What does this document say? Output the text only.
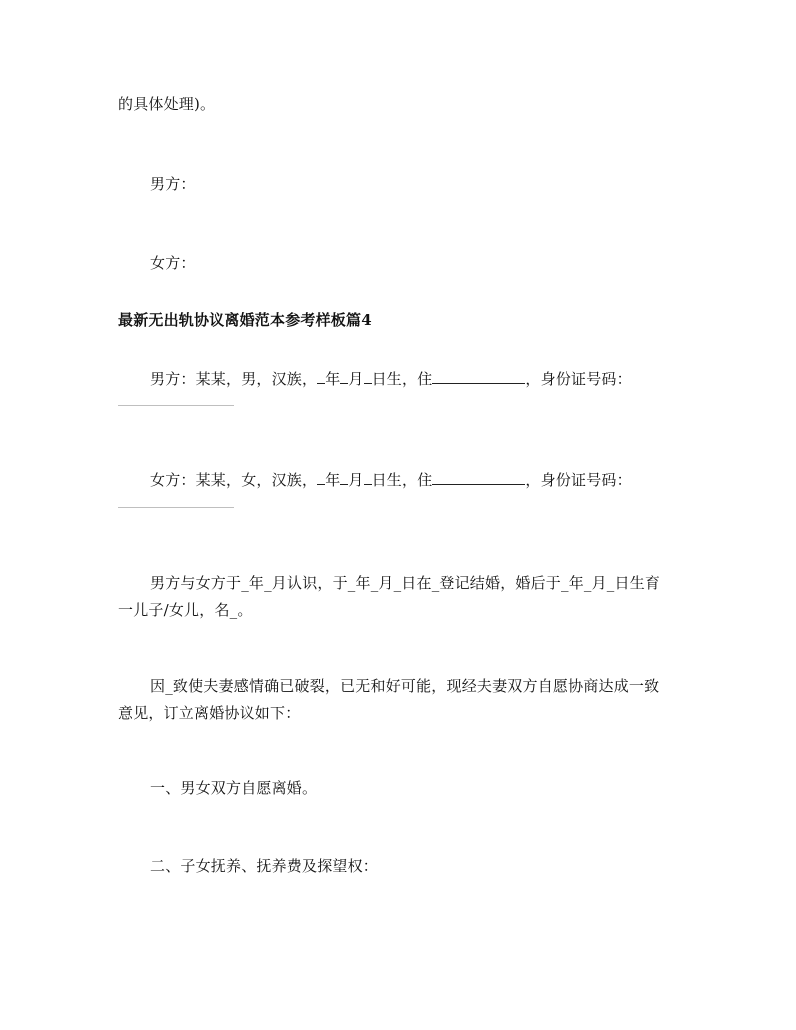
的具体处理)。
男方：
女方：
最新无出轨协议离婚范本参考样板篇4
男方：某某，男，汉族， 年 月 日生，住	，身份证号码：
女方：某某，女，汉族， 年 月 日生，住	，身份证号码：
男方与女方于_年_月认识，于_年_月_日在_登记结婚，婚后于_年_月_日生育
一儿子/女儿，名_。
因_致使夫妻感情确已破裂，已无和好可能，现经夫妻双方自愿协商达成一致
意见，订立离婚协议如下：
一、男女双方自愿离婚。
二、子女抚养、抚养费及探望权：
